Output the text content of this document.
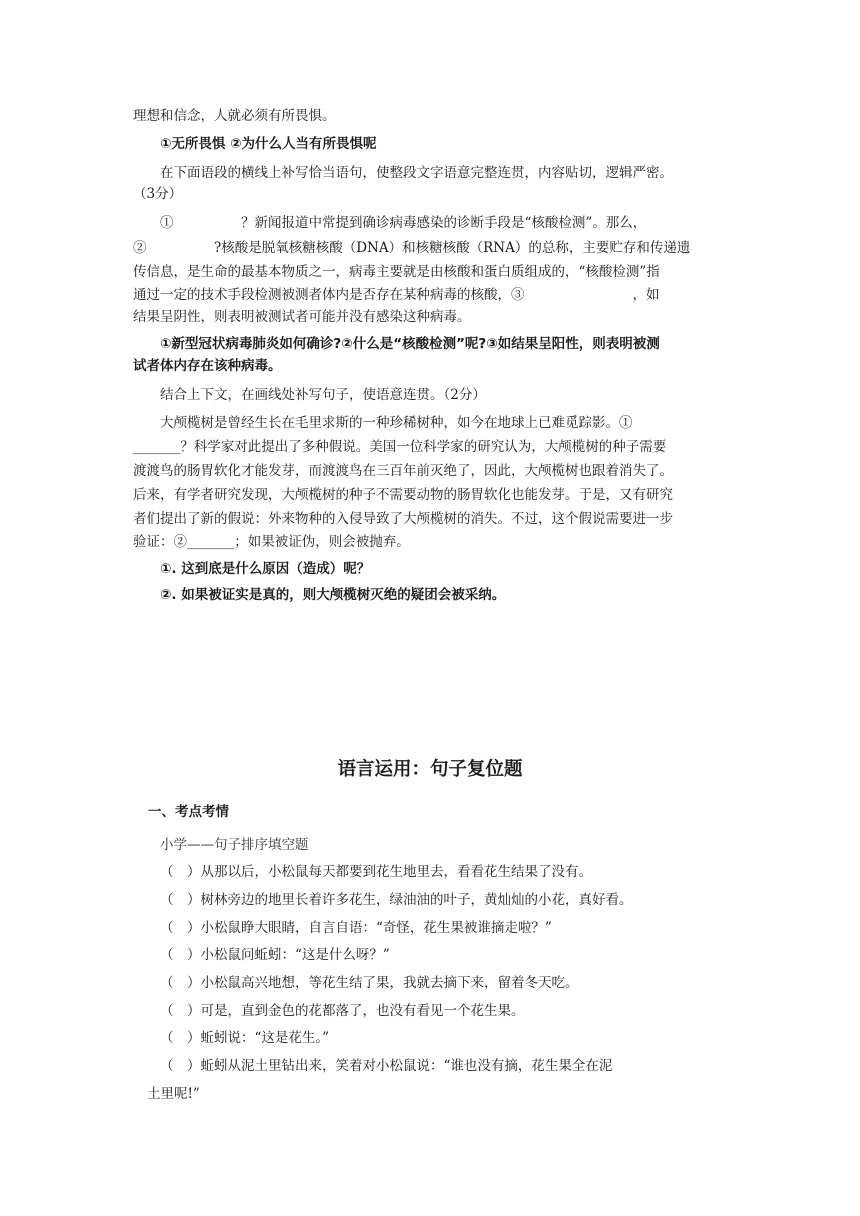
理想和信念，人就必须有所畏惧。
①无所畏惧 ②为什么人当有所畏惧呢
在下面语段的横线上补写恰当语句，使整段文字语意完整连贯，内容贴切，逻辑严密。
（3分）
①　　　　　？新闻报道中常提到确诊病毒感染的诊断手段是“核酸检测”。那么，
②　　　　　?核酸是脱氧核糖核酸（DNA）和核糖核酸（RNA）的总称，主要贮存和传递遗
传信息，是生命的最基本物质之一，病毒主要就是由核酸和蛋白质组成的，“核酸检测”指
通过一定的技术手段检测被测者体内是否存在某种病毒的核酸，③　　　　　　　　，如
结果呈阴性，则表明被测试者可能并没有感染这种病毒。
①新型冠状病毒肺炎如何确诊?②什么是“核酸检测”呢?③如结果呈阳性，则表明被测
试者体内存在该种病毒。
结合上下文，在画线处补写句子，使语意连贯。（2分）
大颅榄树是曾经生长在毛里求斯的一种珍稀树种，如今在地球上已难觅踪影。①
_______？科学家对此提出了多种假说。美国一位科学家的研究认为，大颅榄树的种子需要
渡渡鸟的肠胃软化才能发芽，而渡渡鸟在三百年前灭绝了，因此，大颅榄树也跟着消失了。
后来，有学者研究发现，大颅榄树的种子不需要动物的肠胃软化也能发芽。于是，又有研究
者们提出了新的假说：外来物种的入侵导致了大颅榄树的消失。不过，这个假说需要进一步
验证：②_______；如果被证伪，则会被抛弃。
①. 这到底是什么原因（造成）呢？
②. 如果被证实是真的，则大颅榄树灭绝的疑团会被采纳。
语言运用：句子复位题
一、考点考情
小学——句子排序填空题
（　）从那以后，小松鼠每天都要到花生地里去，看看花生结果了没有。
（　）树林旁边的地里长着许多花生，绿油油的叶子，黄灿灿的小花，真好看。
（　）小松鼠睁大眼睛，自言自语：“奇怪，花生果被谁摘走啦？”
（　）小松鼠问蚯蚓：“这是什么呀？”
（　）小松鼠高兴地想，等花生结了果，我就去摘下来，留着冬天吃。
（　）可是，直到金色的花都落了，也没有看见一个花生果。
（　）蚯蚓说：“这是花生。”
（　）蚯蚓从泥土里钻出来，笑着对小松鼠说：“谁也没有摘，花生果全在泥
土里呢!”
